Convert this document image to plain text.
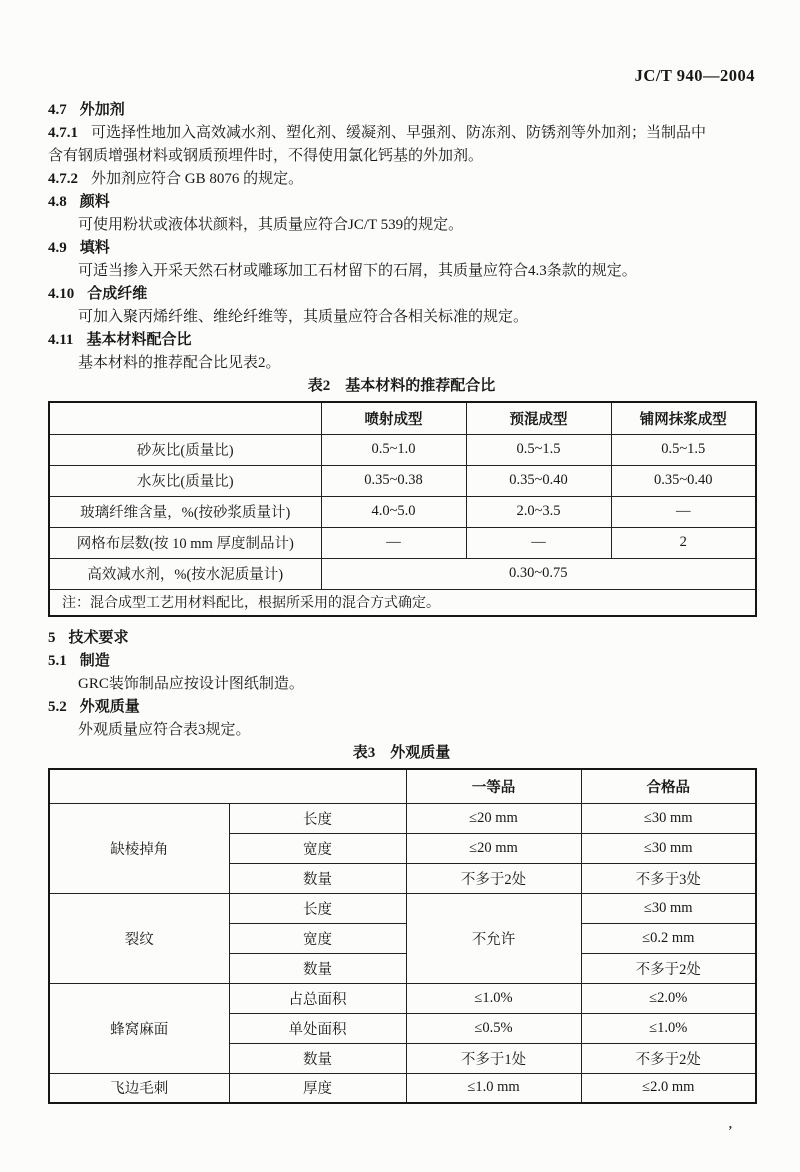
JC/T 940—2004
4.7 外加剂
4.7.1 可选择性地加入高效减水剂、塑化剂、缓凝剂、早强剂、防冻剂、防锈剂等外加剂；当制品中
含有钢质增强材料或钢质预埋件时，不得使用氯化钙基的外加剂。
4.7.2 外加剂应符合 GB 8076 的规定。
4.8 颜料
可使用粉状或液体状颜料，其质量应符合JC/T 539的规定。
4.9 填料
可适当掺入开采天然石材或雕琢加工石材留下的石屑，其质量应符合4.3条款的规定。
4.10 合成纤维
可加入聚丙烯纤维、维纶纤维等，其质量应符合各相关标准的规定。
4.11 基本材料配合比
基本材料的推荐配合比见表2。
表2　基本材料的推荐配合比
	喷射成型	预混成型	铺网抹浆成型
砂灰比(质量比)	0.5~1.0	0.5~1.5	0.5~1.5
水灰比(质量比)	0.35~0.38	0.35~0.40	0.35~0.40
玻璃纤维含量，%(按砂浆质量计)	4.0~5.0	2.0~3.5	—
网格布层数(按 10 mm 厚度制品计)	—	—	2
高效减水剂，%(按水泥质量计)	0.30~0.75		
注：混合成型工艺用材料配比，根据所采用的混合方式确定。			
5 技术要求
5.1 制造
GRC装饰制品应按设计图纸制造。
5.2 外观质量
外观质量应符合表3规定。
表3　外观质量
		一等品	合格品
缺棱掉角	长度	≤20 mm	≤30 mm
	宽度	≤20 mm	≤30 mm
	数量	不多于2处	不多于3处
裂纹	长度	不允许	≤30 mm
	宽度		≤0.2 mm
	数量		不多于2处
蜂窝麻面	占总面积	≤1.0%	≤2.0%
	单处面积	≤0.5%	≤1.0%
	数量	不多于1处	不多于2处
飞边毛刺	厚度	≤1.0 mm	≤2.0 mm
,
